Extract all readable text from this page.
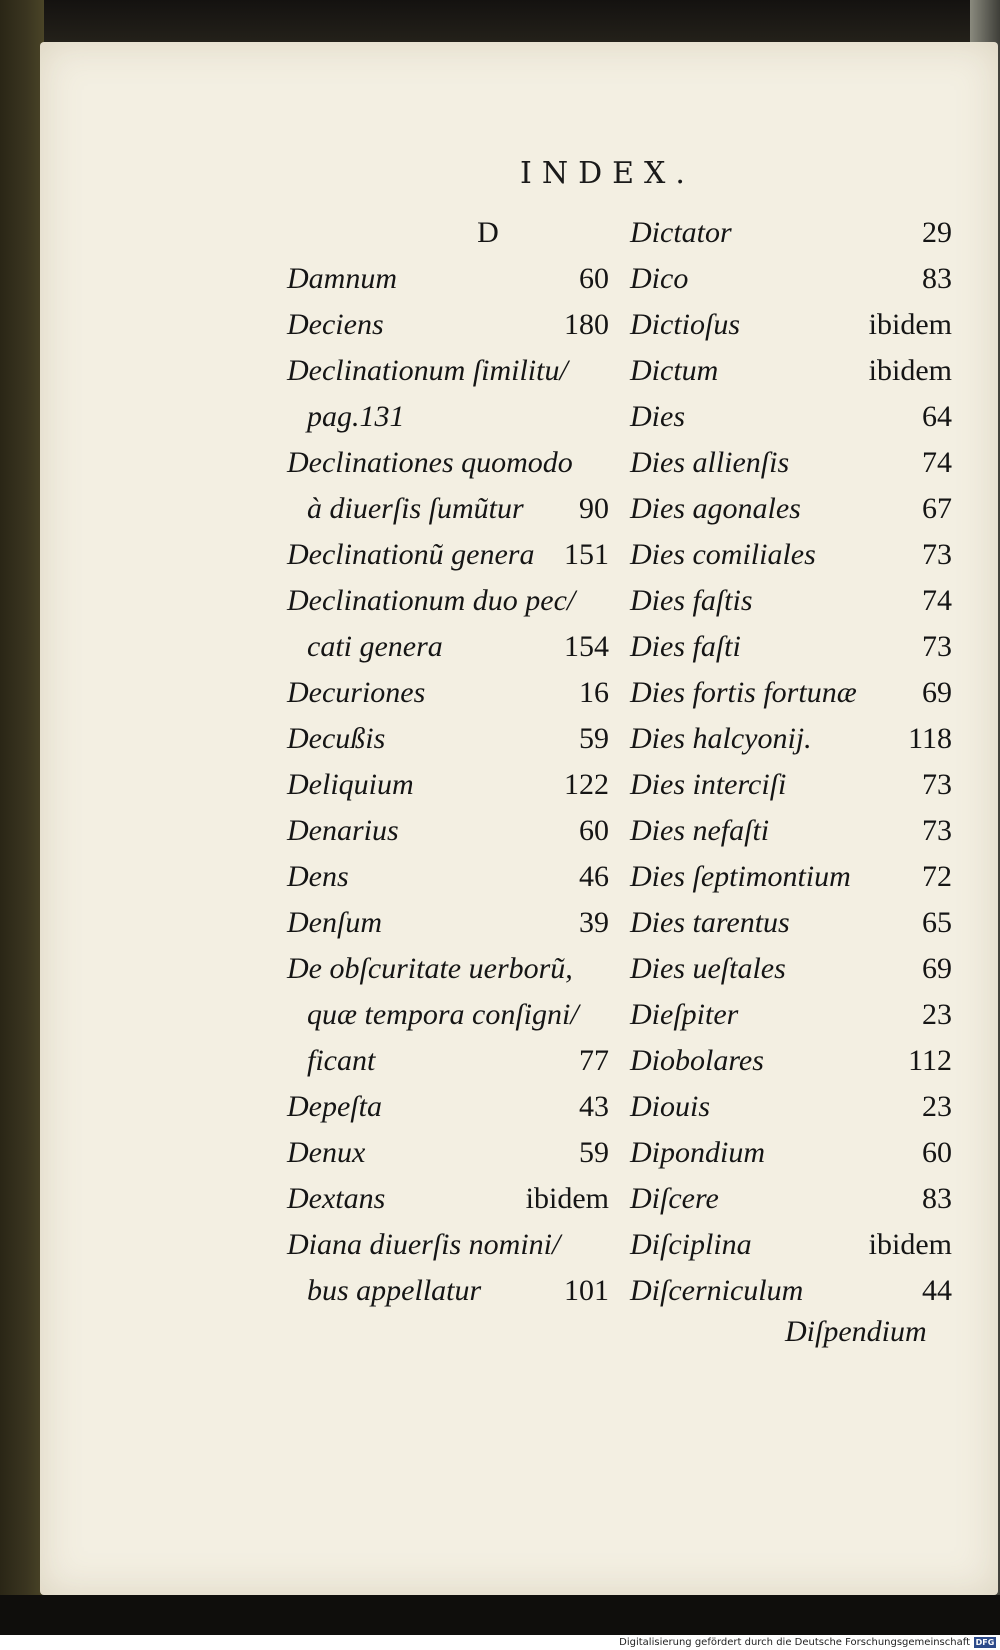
INDEX.
D
Damnum	60
Deciens	180
Declinationum ſimilitu/
pag.131
Declinationes quomodo
à diuerſis ſumũtur 90
Declinationũ genera 151
Declinationum duo pec/
cati genera	154
Decuriones	16
Decußis	59
Deliquium	122
Denarius	60
Dens	46
Denſum	39
De obſcuritate uerborũ,
quæ tempora conſigni/
ficant	77
Depeſta	43
Denux	59
Dextans	ibidem
Diana diuerſis nomini/
bus appellatur	101
Dictator	29
Dico	83
Dictioſus	ibidem
Dictum	ibidem
Dies	64
Dies allienſis	74
Dies agonales	67
Dies comiliales	73
Dies faſtis	74
Dies faſti	73
Dies fortis fortunæ 69
Dies halcyonij.	118
Dies interciſi	73
Dies nefaſti	73
Dies ſeptimontium 72
Dies tarentus	65
Dies ueſtales	69
Dieſpiter	23
Diobolares	112
Diouis	23
Dipondium	60
Diſcere	83
Diſciplina	ibidem
Diſcerniculum	44
Diſpendium
Digitalisierung gefördert durch die Deutsche Forschungsgemeinschaft DFG
